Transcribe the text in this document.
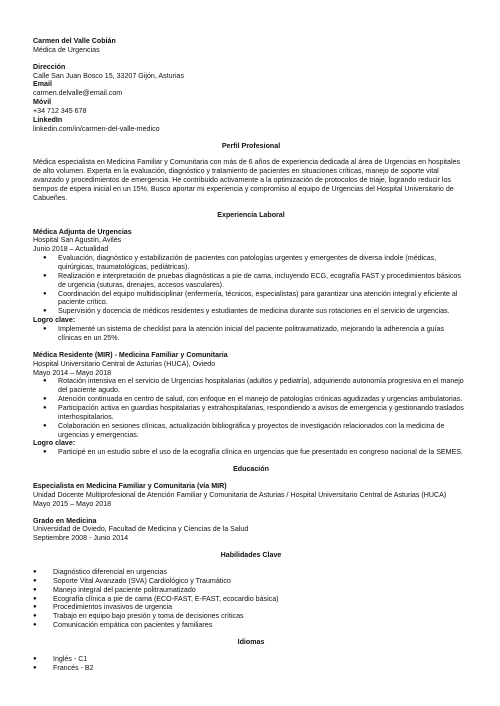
Carmen del Valle Cobián
Médica de Urgencias
Dirección
Calle San Juan Bosco 15, 33207 Gijón, Asturias
Email
carmen.delvalle@email.com
Móvil
+34 712 345 678
LinkedIn
linkedin.com/in/carmen-del-valle-medico
Perfil Profesional

Médica especialista en Medicina Familiar y Comunitaria con más de 6 años de experiencia dedicada al área de Urgencias en hospitales de alto volumen. Experta en la evaluación, diagnóstico y tratamiento de pacientes en situaciones críticas, manejo de soporte vital avanzado y procedimientos de emergencia. He contribuido activamente a la optimización de protocolos de triaje, logrando reducir los tiempos de espera inicial en un 15%. Busco aportar mi experiencia y compromiso al equipo de Urgencias del Hospital Universitario de Cabueñes.

Experiencia Laboral
Médica Adjunta de Urgencias
Hospital San Agustín, Avilés
Junio 2018 – Actualidad
● Evaluación, diagnóstico y estabilización de pacientes con patologías urgentes y emergentes de diversa índole (médicas, quirúrgicas, traumatológicas, pediátricas).
● Realización e interpretación de pruebas diagnósticas a pie de cama, incluyendo ECG, ecografía FAST y procedimientos básicos de urgencia (suturas, drenajes, accesos vasculares).
● Coordinación del equipo multidisciplinar (enfermería, técnicos, especialistas) para garantizar una atención integral y eficiente al paciente crítico.
● Supervisión y docencia de médicos residentes y estudiantes de medicina durante sus rotaciones en el servicio de urgencias.
Logro clave:
● Implementé un sistema de checklist para la atención inicial del paciente politraumatizado, mejorando la adherencia a guías clínicas en un 25%.
Médica Residente (MIR) - Medicina Familiar y Comunitaria
Hospital Universitario Central de Asturias (HUCA), Oviedo
Mayo 2014 – Mayo 2018
● Rotación intensiva en el servicio de Urgencias hospitalarias (adultos y pediatría), adquiriendo autonomía progresiva en el manejo del paciente agudo.
● Atención continuada en centro de salud, con enfoque en el manejo de patologías crónicas agudizadas y urgencias ambulatorias.
● Participación activa en guardias hospitalarias y extrahospitalarias, respondiendo a avisos de emergencia y gestionando traslados interhospitalarios.
● Colaboración en sesiones clínicas, actualización bibliográfica y proyectos de investigación relacionados con la medicina de urgencias y emergencias.
Logro clave:
● Participé en un estudio sobre el uso de la ecografía clínica en urgencias que fue presentado en congreso nacional de la SEMES.
Educación
Especialista en Medicina Familiar y Comunitaria (vía MIR)
Unidad Docente Multiprofesional de Atención Familiar y Comunitaria de Asturias / Hospital Universitario Central de Asturias (HUCA)
Mayo 2015 – Mayo 2018
Grado en Medicina
Universidad de Oviedo, Facultad de Medicina y Ciencias de la Salud
Septiembre 2008 - Junio 2014
Habilidades Clave
● Diagnóstico diferencial en urgencias
● Soporte Vital Avanzado (SVA) Cardiológico y Traumático
● Manejo integral del paciente politraumatizado
● Ecografía clínica a pie de cama (ECO-FAST, E-FAST, ecocardio básica)
● Procedimientos invasivos de urgencia
● Trabajo en equipo bajo presión y toma de decisiones críticas
● Comunicación empática con pacientes y familiares
Idiomas
● Inglés - C1
● Francés - B2
